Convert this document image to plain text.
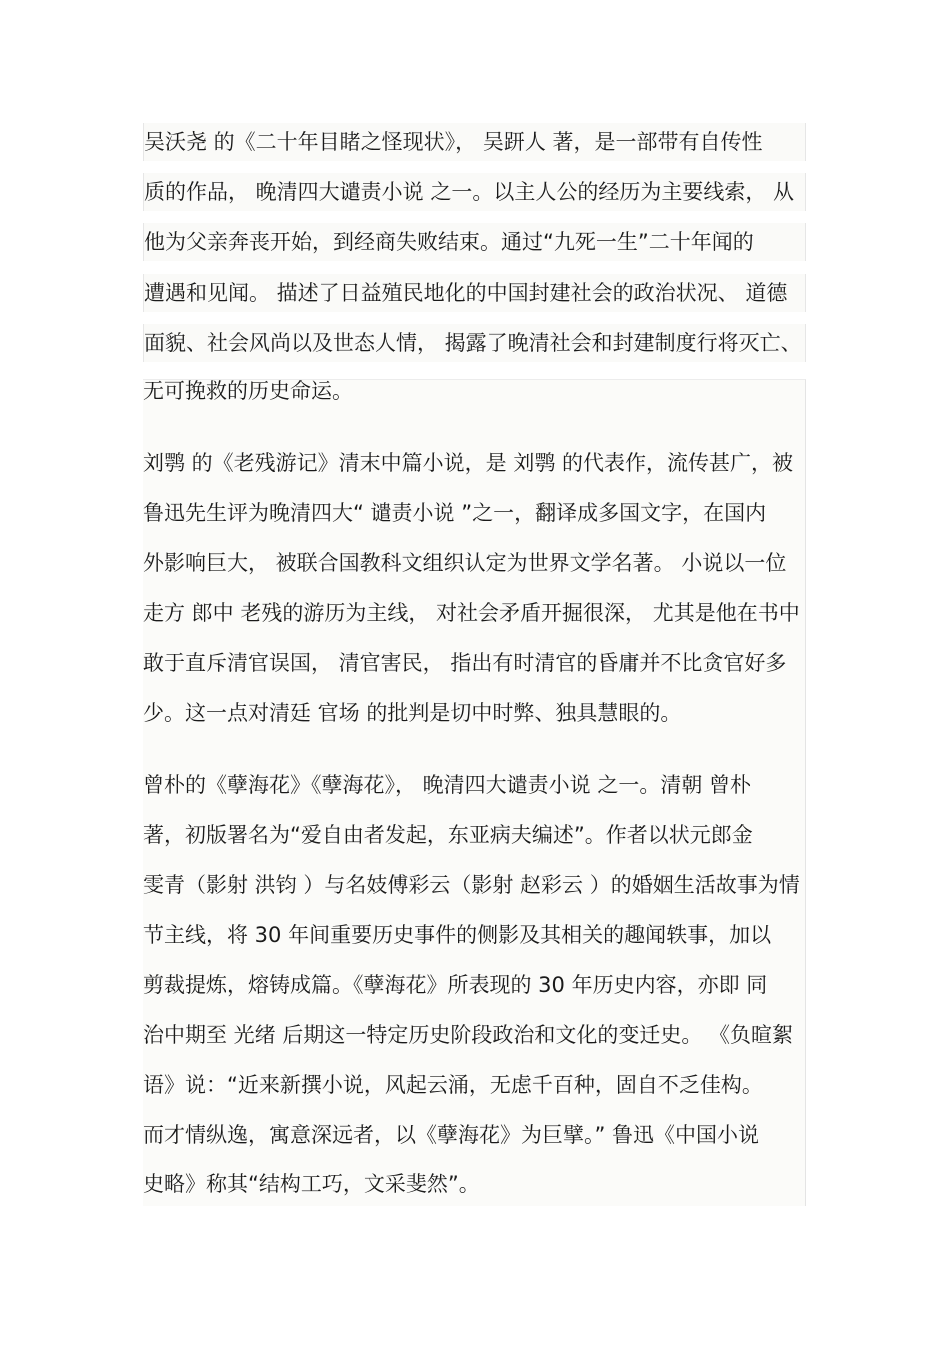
吴沃尧 的《二十年目睹之怪现状》， 吴趼人 著，是一部带有自传性
质的作品， 晚清四大谴责小说 之一。以主人公的经历为主要线索， 从
他为父亲奔丧开始，到经商失败结束。通过“九死一生”二十年闻的
遭遇和见闻。 描述了日益殖民地化的中国封建社会的政治状况、 道德
面貌、社会风尚以及世态人情， 揭露了晚清社会和封建制度行将灭亡、
无可挽救的历史命运。
刘鹗 的《老残游记》清末中篇小说，是 刘鹗 的代表作，流传甚广，被
鲁迅先生评为晚清四大“ 谴责小说 ”之一，翻译成多国文字，在国内
外影响巨大， 被联合国教科文组织认定为世界文学名著。 小说以一位
走方 郎中 老残的游历为主线， 对社会矛盾开掘很深， 尤其是他在书中
敢于直斥清官误国， 清官害民， 指出有时清官的昏庸并不比贪官好多
少。这一点对清廷 官场 的批判是切中时弊、独具慧眼的。
曾朴的《孽海花》《孽海花》， 晚清四大谴责小说 之一。清朝 曾朴
著，初版署名为“爱自由者发起，东亚病夫编述”。作者以状元郎金
雯青（影射 洪钧 ）与名妓傅彩云（影射 赵彩云 ）的婚姻生活故事为情
节主线，将 30 年间重要历史事件的侧影及其相关的趣闻轶事，加以
剪裁提炼，熔铸成篇。《孽海花》所表现的 30 年历史内容，亦即 同
治中期至 光绪 后期这一特定历史阶段政治和文化的变迁史。 《负暄絮
语》说：“近来新撰小说，风起云涌，无虑千百种，固自不乏佳构。
而才情纵逸，寓意深远者，以《孽海花》为巨擘。” 鲁迅《中国小说
史略》称其“结构工巧，文采斐然”。
